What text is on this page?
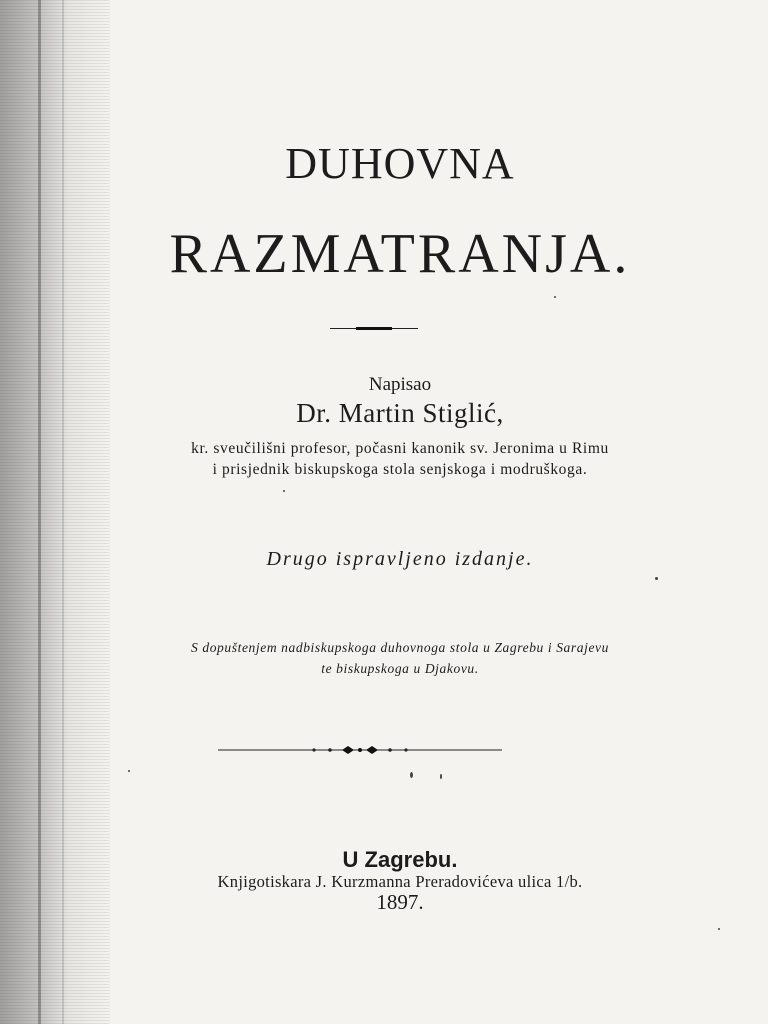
DUHOVNA
RAZMATRANJA.
Napisao
Dr. Martin Stiglić,
kr. sveučilišni profesor, počasni kanonik sv. Jeronima u Rimu
i prisjednik biskupskoga stola senjskoga i modruškoga.
Drugo ispravljeno izdanje.
S dopuštenjem nadbiskupskoga duhovnoga stola u Zagrebu i Sarajevu
te biskupskoga u Djakovu.
U Zagrebu.
Knjigotiskara J. Kurzmanna Preradovićeva ulica 1/b.
1897.
